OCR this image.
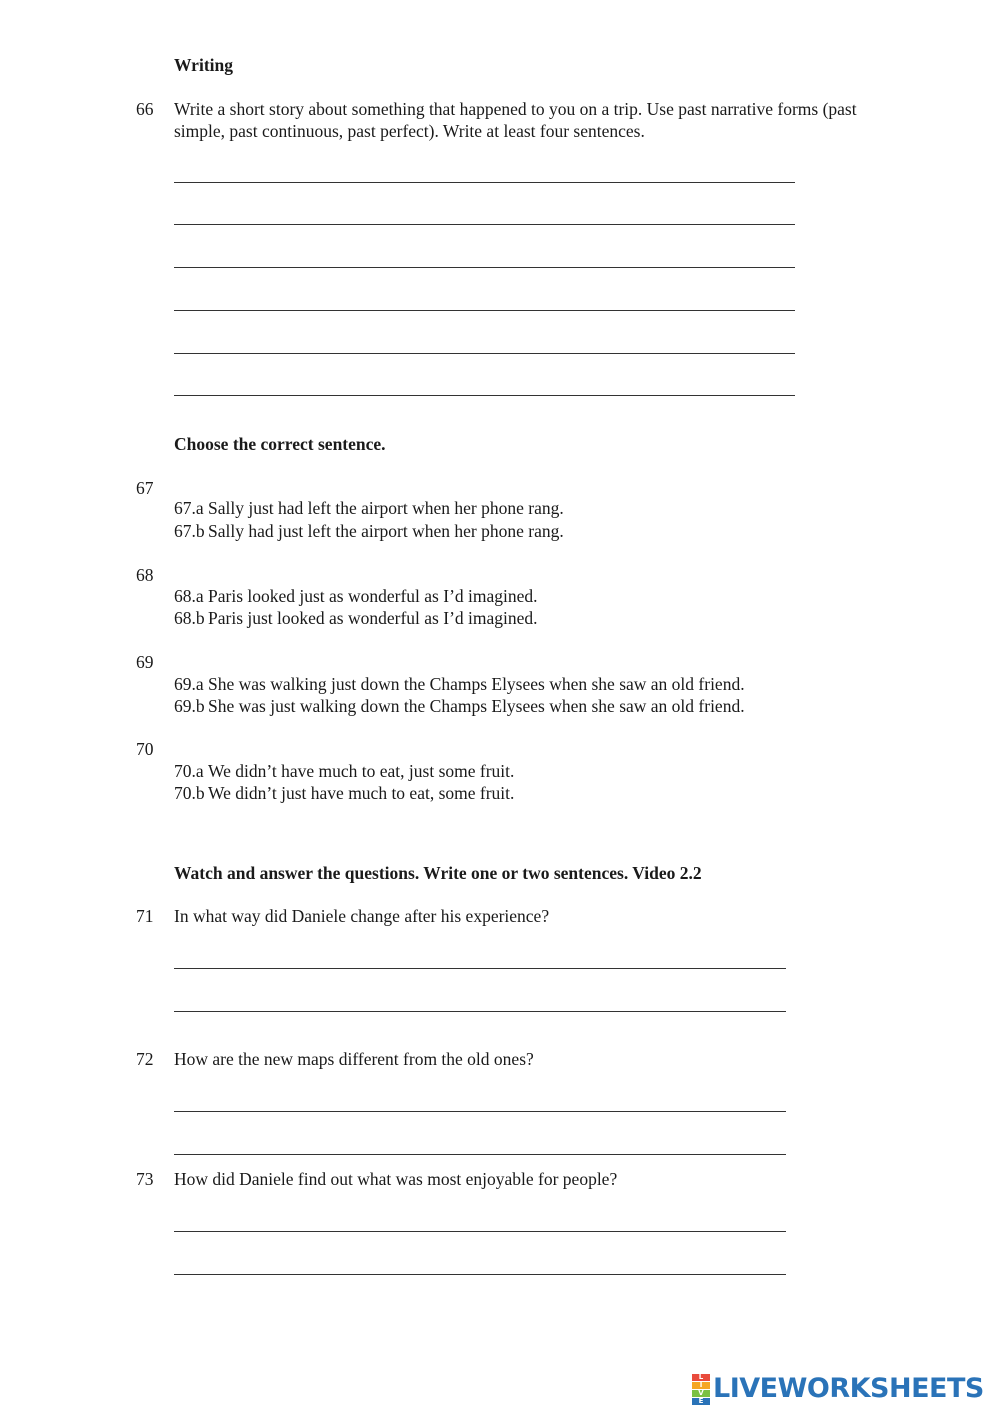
Writing
66 Write a short story about something that happened to you on a trip. Use past narrative forms (past simple, past continuous, past perfect). Write at least four sentences.
Choose the correct sentence.
67
67.a Sally just had left the airport when her phone rang.
67.b Sally had just left the airport when her phone rang.
68
68.a Paris looked just as wonderful as I’d imagined.
68.b Paris just looked as wonderful as I’d imagined.
69
69.a She was walking just down the Champs Elysees when she saw an old friend.
69.b She was just walking down the Champs Elysees when she saw an old friend.
70
70.a We didn’t have much to eat, just some fruit.
70.b We didn’t just have much to eat, some fruit.
Watch and answer the questions. Write one or two sentences. Video 2.2
71 In what way did Daniele change after his experience?
72 How are the new maps different from the old ones?
73 How did Daniele find out what was most enjoyable for people?
L
I
V
E LIVEWORKSHEETS
